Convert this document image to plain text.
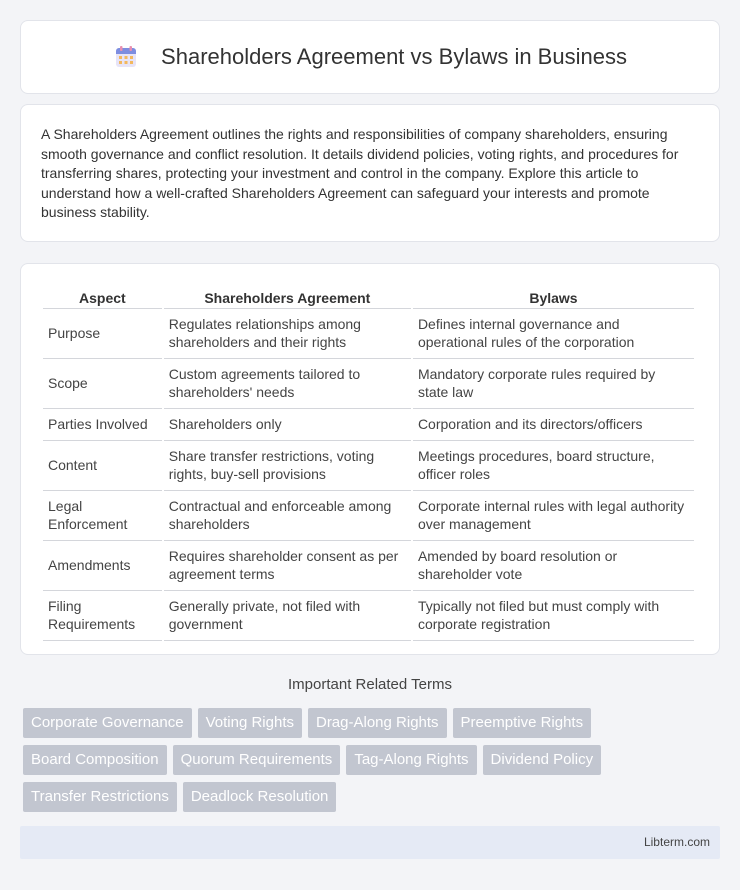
Shareholders Agreement vs Bylaws in Business

A Shareholders Agreement outlines the rights and responsibilities of company shareholders, ensuring smooth governance and conflict resolution. It details dividend policies, voting rights, and procedures for transferring shares, protecting your investment and control in the company. Explore this article to understand how a well-crafted Shareholders Agreement can safeguard your interests and promote business stability.

Aspect	Shareholders Agreement	Bylaws
Purpose	Regulates relationships among shareholders and their rights	Defines internal governance and operational rules of the corporation
Scope	Custom agreements tailored to shareholders' needs	Mandatory corporate rules required by state law
Parties Involved	Shareholders only	Corporation and its directors/officers
Content	Share transfer restrictions, voting rights, buy-sell provisions	Meetings procedures, board structure, officer roles
Legal Enforcement	Contractual and enforceable among shareholders	Corporate internal rules with legal authority over management
Amendments	Requires shareholder consent as per agreement terms	Amended by board resolution or shareholder vote
Filing Requirements	Generally private, not filed with government	Typically not filed but must comply with corporate registration
Important Related Terms
Corporate Governance	Voting Rights	Drag-Along Rights	Preemptive Rights
Board Composition	Quorum Requirements	Tag-Along Rights	Dividend Policy
Transfer Restrictions	Deadlock Resolution
Libterm.com
